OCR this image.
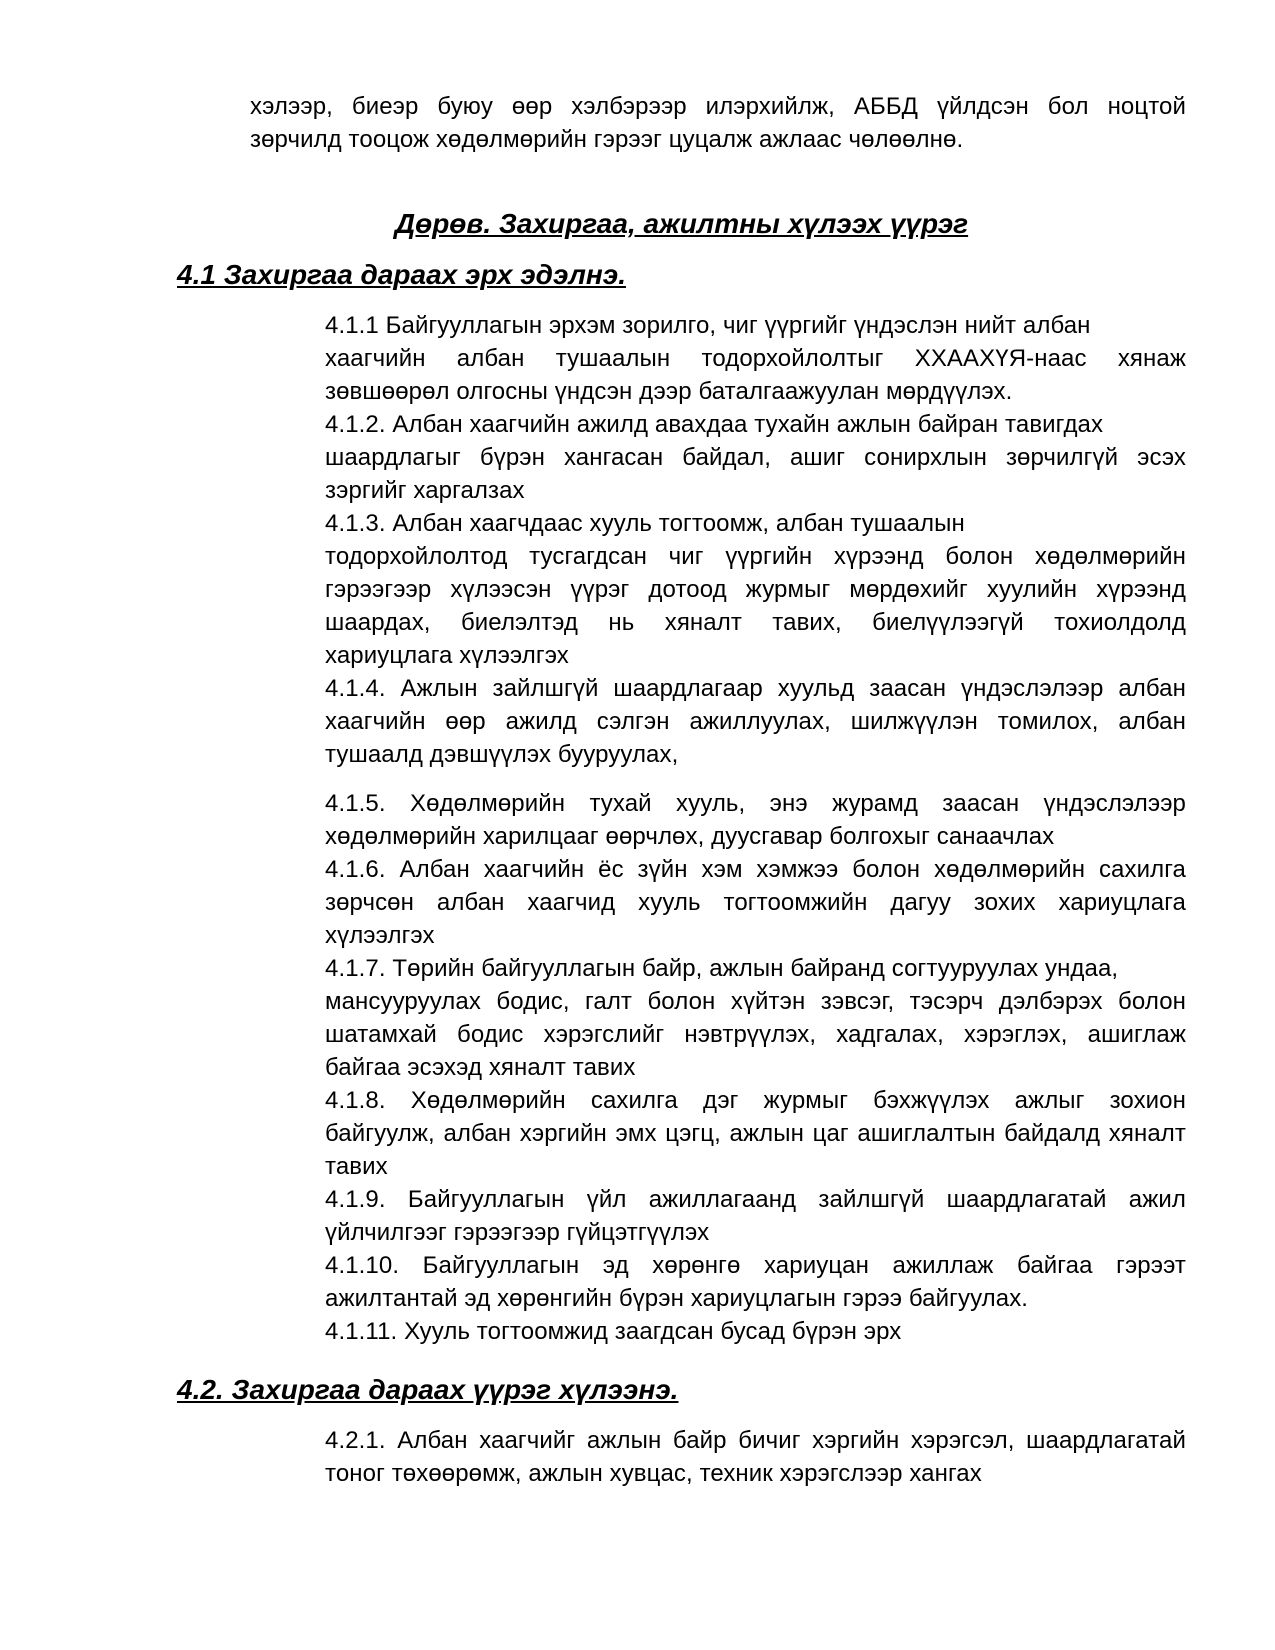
хэлээр, биеэр буюу өөр хэлбэрээр илэрхийлж, АББД үйлдсэн бол ноцтой
зөрчилд тооцож хөдөлмөрийн гэрээг цуцалж ажлаас чөлөөлнө.
Дөрөв. Захиргаа, ажилтны хүлээх үүрэг
4.1 Захиргаа дараах эрх эдэлнэ.
4.1.1 Байгууллагын эрхэм зорилго, чиг үүргийг үндэслэн нийт албан
хаагчийн албан тушаалын тодорхойлолтыг ХХААХҮЯ-наас хянаж
зөвшөөрөл олгосны үндсэн дээр баталгаажуулан мөрдүүлэх.
4.1.2. Албан хаагчийн ажилд авахдаа тухайн ажлын байран тавигдах
шаардлагыг бүрэн хангасан байдал, ашиг сонирхлын зөрчилгүй эсэх
зэргийг харгалзах
4.1.3. Албан хаагчдаас хууль тогтоомж, албан тушаалын
тодорхойлолтод тусгагдсан чиг үүргийн хүрээнд болон хөдөлмөрийн
гэрээгээр хүлээсэн үүрэг дотоод журмыг мөрдөхийг хуулийн хүрээнд
шаардах, биелэлтэд нь хяналт тавих, биелүүлээгүй тохиолдолд
хариуцлага хүлээлгэх
4.1.4. Ажлын зайлшгүй шаардлагаар хуульд заасан үндэслэлээр албан
хаагчийн өөр ажилд сэлгэн ажиллуулах, шилжүүлэн томилох, албан
тушаалд дэвшүүлэх бууруулах,
4.1.5. Хөдөлмөрийн тухай хууль, энэ журамд заасан үндэслэлээр
хөдөлмөрийн харилцааг өөрчлөх, дуусгавар болгохыг санаачлах
4.1.6. Албан хаагчийн ёс зүйн хэм хэмжээ болон хөдөлмөрийн сахилга
зөрчсөн албан хаагчид хууль тогтоомжийн дагуу зохих хариуцлага
хүлээлгэх
4.1.7. Төрийн байгууллагын байр, ажлын байранд согтууруулах ундаа,
мансууруулах бодис, галт болон хүйтэн зэвсэг, тэсэрч дэлбэрэх болон
шатамхай бодис хэрэгслийг нэвтрүүлэх, хадгалах, хэрэглэх, ашиглаж
байгаа эсэхэд хяналт тавих
4.1.8. Хөдөлмөрийн сахилга дэг журмыг бэхжүүлэх ажлыг зохион
байгуулж, албан хэргийн эмх цэгц, ажлын цаг ашиглалтын байдалд хяналт
тавих
4.1.9. Байгууллагын үйл ажиллагаанд зайлшгүй шаардлагатай ажил
үйлчилгээг гэрээгээр гүйцэтгүүлэх
4.1.10. Байгууллагын эд хөрөнгө хариуцан ажиллаж байгаа гэрээт
ажилтантай эд хөрөнгийн бүрэн хариуцлагын гэрээ байгуулах.
4.1.11. Хууль тогтоомжид заагдсан бусад бүрэн эрх
4.2. Захиргаа дараах үүрэг хүлээнэ.
4.2.1. Албан хаагчийг ажлын байр бичиг хэргийн хэрэгсэл, шаардлагатай
тоног төхөөрөмж, ажлын хувцас, техник хэрэгслээр хангах
